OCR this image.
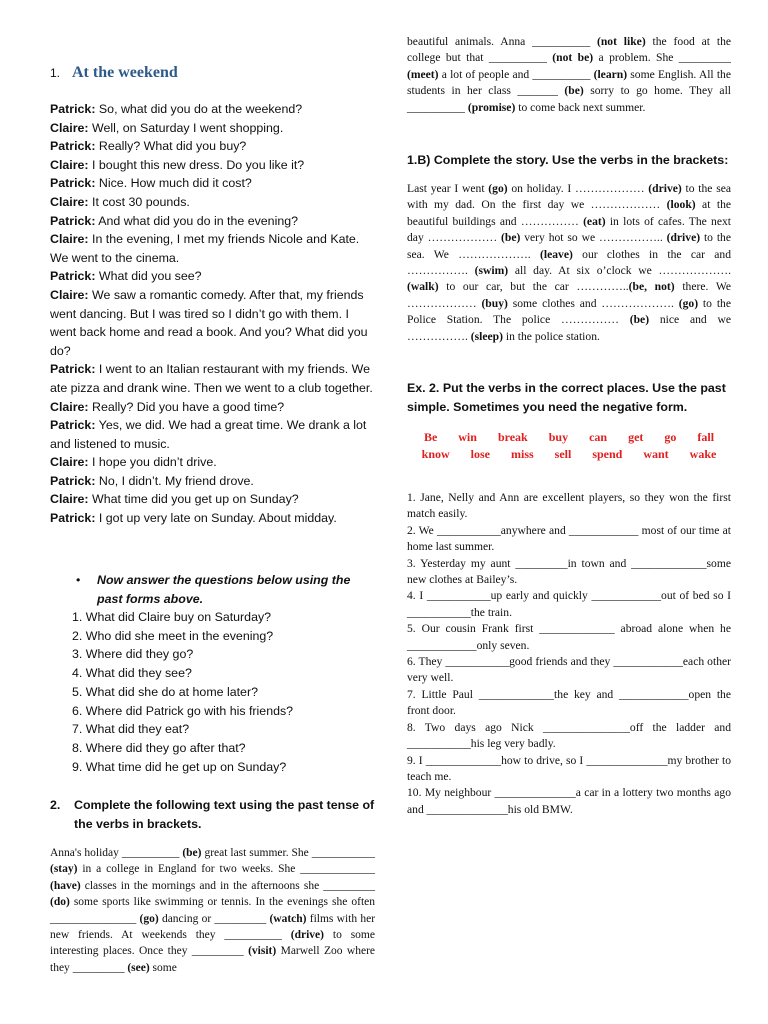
1. At the weekend
Patrick: So, what did you do at the weekend?
Claire: Well, on Saturday I went shopping.
Patrick: Really? What did you buy?
Claire: I bought this new dress. Do you like it?
Patrick: Nice. How much did it cost?
Claire: It cost 30 pounds.
Patrick: And what did you do in the evening?
Claire: In the evening, I met my friends Nicole and Kate. We went to the cinema.
Patrick: What did you see?
Claire: We saw a romantic comedy. After that, my friends went dancing. But I was tired so I didn’t go with them. I went back home and read a book. And you? What did you do?
Patrick: I went to an Italian restaurant with my friends. We ate pizza and drank wine. Then we went to a club together.
Claire: Really? Did you have a good time?
Patrick: Yes, we did. We had a great time. We drank a lot and listened to music.
Claire: I hope you didn’t drive.
Patrick: No, I didn’t. My friend drove.
Claire: What time did you get up on Sunday?
Patrick: I got up very late on Sunday. About midday.
• Now answer the questions below using the past forms above.
1. What did Claire buy on Saturday?
2. Who did she meet in the evening?
3. Where did they go?
4. What did they see?
5. What did she do at home later?
6. Where did Patrick go with his friends?
7. What did they eat?
8. Where did they go after that?
9. What time did he get up on Sunday?
2. Complete the following text using the past tense of the verbs in brackets.
Anna's holiday __________ (be) great last summer. She ___________ (stay) in a college in England for two weeks. She _____________ (have) classes in the mornings and in the afternoons she _________ (do) some sports like swimming or tennis. In the evenings she often _______________ (go) dancing or _________ (watch) films with her new friends. At weekends they __________ (drive) to some interesting places. Once they _________ (visit) Marwell Zoo where they _________ (see) some
beautiful animals. Anna __________ (not like) the food at the college but that __________ (not be) a problem. She _________ (meet) a lot of people and __________ (learn) some English. All the students in her class _______ (be) sorry to go home. They all __________ (promise) to come back next summer.
1.B) Complete the story. Use the verbs in the brackets:
Last year I went (go) on holiday. I ……………… (drive) to the sea with my dad. On the first day we ……………… (look) at the beautiful buildings and …………… (eat) in lots of cafes. The next day ……………… (be) very hot so we …………….. (drive) to the sea. We ………………. (leave) our clothes in the car and ……………. (swim) all day. At six o’clock we ………………. (walk) to our car, but the car …………..(be, not) there. We ……………… (buy) some clothes and ………………. (go) to the Police Station. The police …………… (be) nice and we ……………. (sleep) in the police station.
Ex. 2. Put the verbs in the correct places. Use the past simple. Sometimes you need the negative form.
Be win break buy can get go fall know lose miss sell spend want wake
1. Jane, Nelly and Ann are excellent players, so they won the first match easily.
2. We ___________anywhere and ____________ most of our time at home last summer.
3. Yesterday my aunt _________in town and _____________some new clothes at Bailey’s.
4. I ___________up early and quickly ____________out of bed so I ___________the train.
5. Our cousin Frank first _____________ abroad alone when he ____________only seven.
6. They ___________good friends and they ____________each other very well.
7. Little Paul _____________the key and ____________open the front door.
8. Two days ago Nick _______________off the ladder and ___________his leg very badly.
9. I _____________how to drive, so I ______________my brother to teach me.
10. My neighbour ______________a car in a lottery two months ago and ______________his old BMW.
